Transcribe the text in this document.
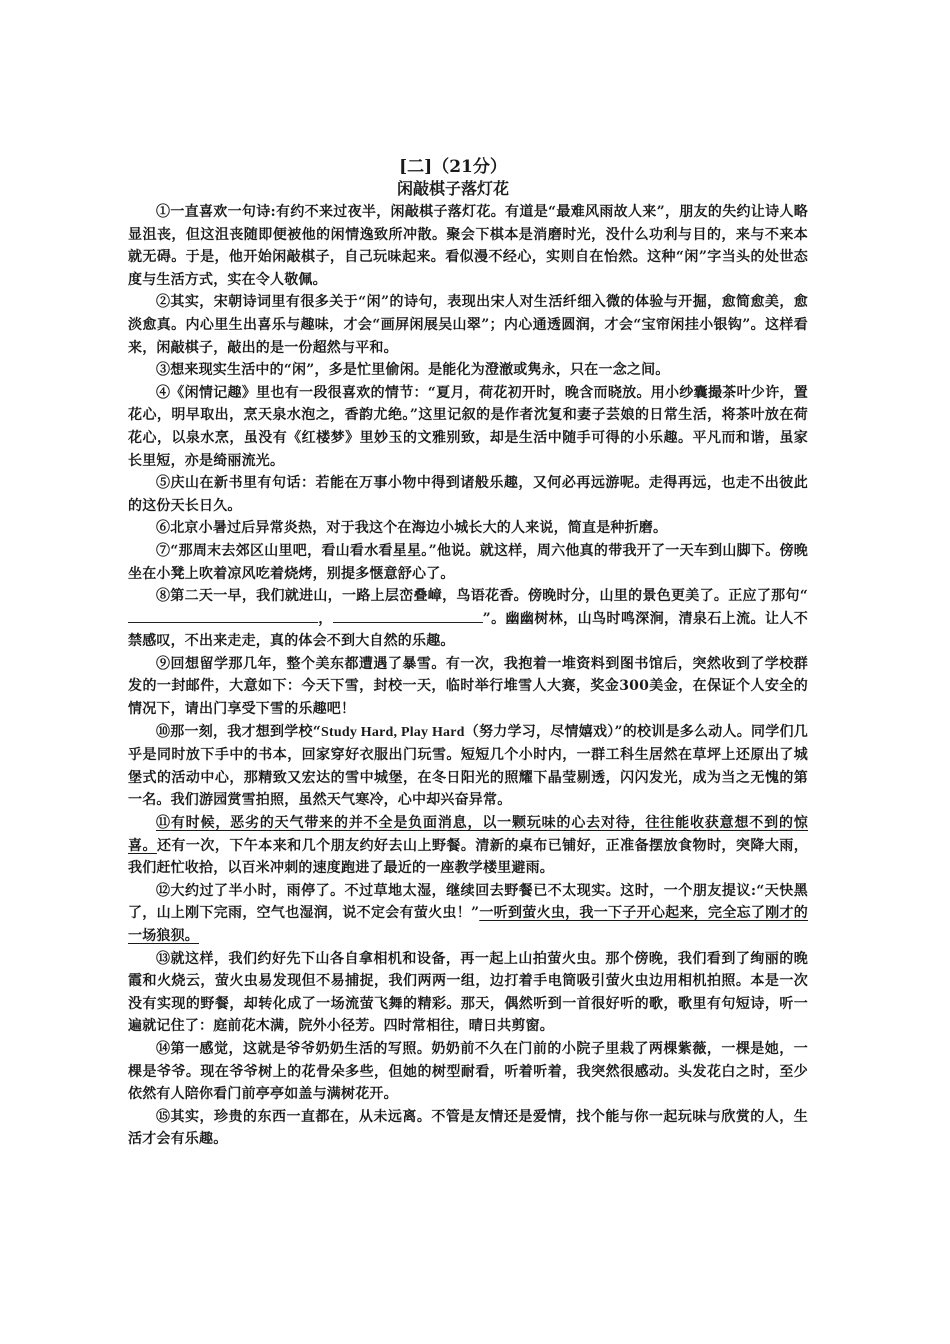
[二]（21分）
闲敲棋子落灯花

①一直喜欢一句诗:有约不来过夜半，闲敲棋子落灯花。有道是“最难风雨故人来”，朋友的失约让诗人略显沮丧，但这沮丧随即便被他的闲情逸致所冲散。聚会下棋本是消磨时光，没什么功利与目的，来与不来本就无碍。于是，他开始闲敲棋子，自己玩味起来。看似漫不经心，实则自在怡然。这种“闲”字当头的处世态度与生活方式，实在令人敬佩。

②其实，宋朝诗词里有很多关于“闲”的诗句，表现出宋人对生活纤细入微的体验与开掘，愈简愈美，愈淡愈真。内心里生出喜乐与趣味，才会“画屏闲展吴山翠”；内心通透圆润，才会“宝帘闲挂小银钩”。这样看来，闲敲棋子，敲出的是一份超然与平和。

③想来现实生活中的“闲”，多是忙里偷闲。是能化为澄澈或隽永，只在一念之间。

④《闲情记趣》里也有一段很喜欢的情节：“夏月，荷花初开时，晚含而晓放。用小纱囊撮茶叶少许，置花心，明早取出，烹天泉水泡之，香韵尤绝。”这里记叙的是作者沈复和妻子芸娘的日常生活，将茶叶放在荷花心，以泉水烹，虽没有《红楼梦》里妙玉的文雅别致，却是生活中随手可得的小乐趣。平凡而和谐，虽家长里短，亦是绮丽流光。

⑤庆山在新书里有句话：若能在万事小物中得到诸般乐趣，又何必再远游呢。走得再远，也走不出彼此的这份天长日久。

⑥北京小暑过后异常炎热，对于我这个在海边小城长大的人来说，简直是种折磨。

⑦“那周末去郊区山里吧，看山看水看星星。”他说。就这样，周六他真的带我开了一天车到山脚下。傍晚坐在小凳上吹着凉风吃着烧烤，别提多惬意舒心了。

⑧第二天一早，我们就进山，一路上层峦叠嶂，鸟语花香。傍晚时分，山里的景色更美了。正应了那句“，	”。幽幽树林，山鸟时鸣深涧，清泉石上流。让人不禁感叹，不出来走走，真的体会不到大自然的乐趣。

⑨回想留学那几年，整个美东都遭遇了暴雪。有一次，我抱着一堆资料到图书馆后，突然收到了学校群发的一封邮件，大意如下：今天下雪，封校一天，临时举行堆雪人大赛，奖金300美金，在保证个人安全的情况下，请出门享受下雪的乐趣吧！

⑩那一刻，我才想到学校“Study Hard, Play Hard（努力学习，尽情嬉戏）”的校训是多么动人。同学们几乎是同时放下手中的书本，回家穿好衣服出门玩雪。短短几个小时内，一群工科生居然在草坪上还原出了城堡式的活动中心，那精致又宏达的雪中城堡，在冬日阳光的照耀下晶莹剔透，闪闪发光，成为当之无愧的第一名。我们游园赏雪拍照，虽然天气寒冷，心中却兴奋异常。

⑪有时候，恶劣的天气带来的并不全是负面消息，以一颗玩味的心去对待，往往能收获意想不到的惊喜。还有一次，下午本来和几个朋友约好去山上野餐。清新的桌布已铺好，正准备摆放食物时，突降大雨，我们赶忙收拾，以百米冲刺的速度跑进了最近的一座教学楼里避雨。

⑫大约过了半小时，雨停了。不过草地太湿，继续回去野餐已不太现实。这时，一个朋友提议:“天快黑了，山上刚下完雨，空气也湿润，说不定会有萤火虫！”一听到萤火虫，我一下子开心起来，完全忘了刚才的一场狼狈。

⑬就这样，我们约好先下山各自拿相机和设备，再一起上山拍萤火虫。那个傍晚，我们看到了绚丽的晚霞和火烧云，萤火虫易发现但不易捕捉，我们两两一组，边打着手电筒吸引萤火虫边用相机拍照。本是一次没有实现的野餐，却转化成了一场流萤飞舞的精彩。那天，偶然听到一首很好听的歌，歌里有句短诗，听一遍就记住了：庭前花木满，院外小径芳。四时常相往，晴日共剪窗。

⑭第一感觉，这就是爷爷奶奶生活的写照。奶奶前不久在门前的小院子里栽了两棵紫薇，一棵是她，一棵是爷爷。现在爷爷树上的花骨朵多些，但她的树型耐看，听着听着，我突然很感动。头发花白之时，至少依然有人陪你看门前亭亭如盖与满树花开。

⑮其实，珍贵的东西一直都在，从未远离。不管是友情还是爱情，找个能与你一起玩味与欣赏的人，生活才会有乐趣。
